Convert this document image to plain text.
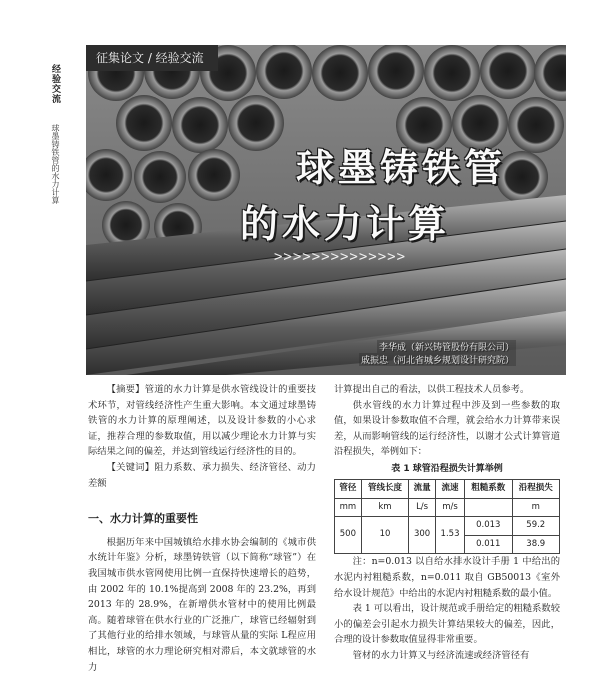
经验交流
球墨铸铁管的水力计算
征集论文 / 经验交流
球墨铸铁管
的水力计算
>>>>>>>>>>>>>>
李华成（新兴铸管股份有限公司）
戚振忠（河北省城乡规划设计研究院）

【摘要】管道的水力计算是供水管线设计的重要技术环节，对管线经济性产生重大影响。本文通过球墨铸铁管的水力计算的原理阐述，以及设计参数的小心求证，推荐合理的参数取值，用以减少理论水力计算与实际结果之间的偏差，并达到管线运行经济性的目的。

【关键词】阻力系数、承力损失、经济管径、动力差额

一、水力计算的重要性

根据历年来中国城镇给水排水协会编制的《城市供水统计年鉴》分析，球墨铸铁管（以下简称“球管”）在我国城市供水管网使用比例一直保持快速增长的趋势，由 2002 年的 10.1%提高到 2008 年的 23.2%，再到 2013 年的 28.9%，在新增供水管材中的使用比例最高。随着球管在供水行业的广泛推广，球管已经辐射到了其他行业的给排水领域，与球管从量的实际 L程应用相比，球管的水力理论研究相对滞后，本文就球管的水力

计算提出自己的看法，以供工程技术人员参考。

供水管线的水力计算过程中涉及到一些参数的取值，如果设计参数取值不合理，就会给水力计算带来误差，从而影响管线的运行经济性，以谢才公式计算管道沿程损失，举例如下：

表 1 球管沿程损失计算举例
管径	管线长度	流量	流速	粗糙系数	沿程损失
mm	km	L/s	m/s		m
500	10	300	1.53	0.013	59.2
				0.011	38.9

注：n=0.013 以自给水排水设计手册 1 中给出的水泥内衬粗糙系数，n=0.011 取自 GB50013《室外给水设计规范》中给出的水泥内衬粗糙系数的最小值。

表 1 可以看出，设计规范或手册给定的粗糙系数较小的偏差会引起水力损失计算结果较大的偏差，因此，合理的设计参数取值显得非常重要。

管材的水力计算又与经济流速或经济管径有
